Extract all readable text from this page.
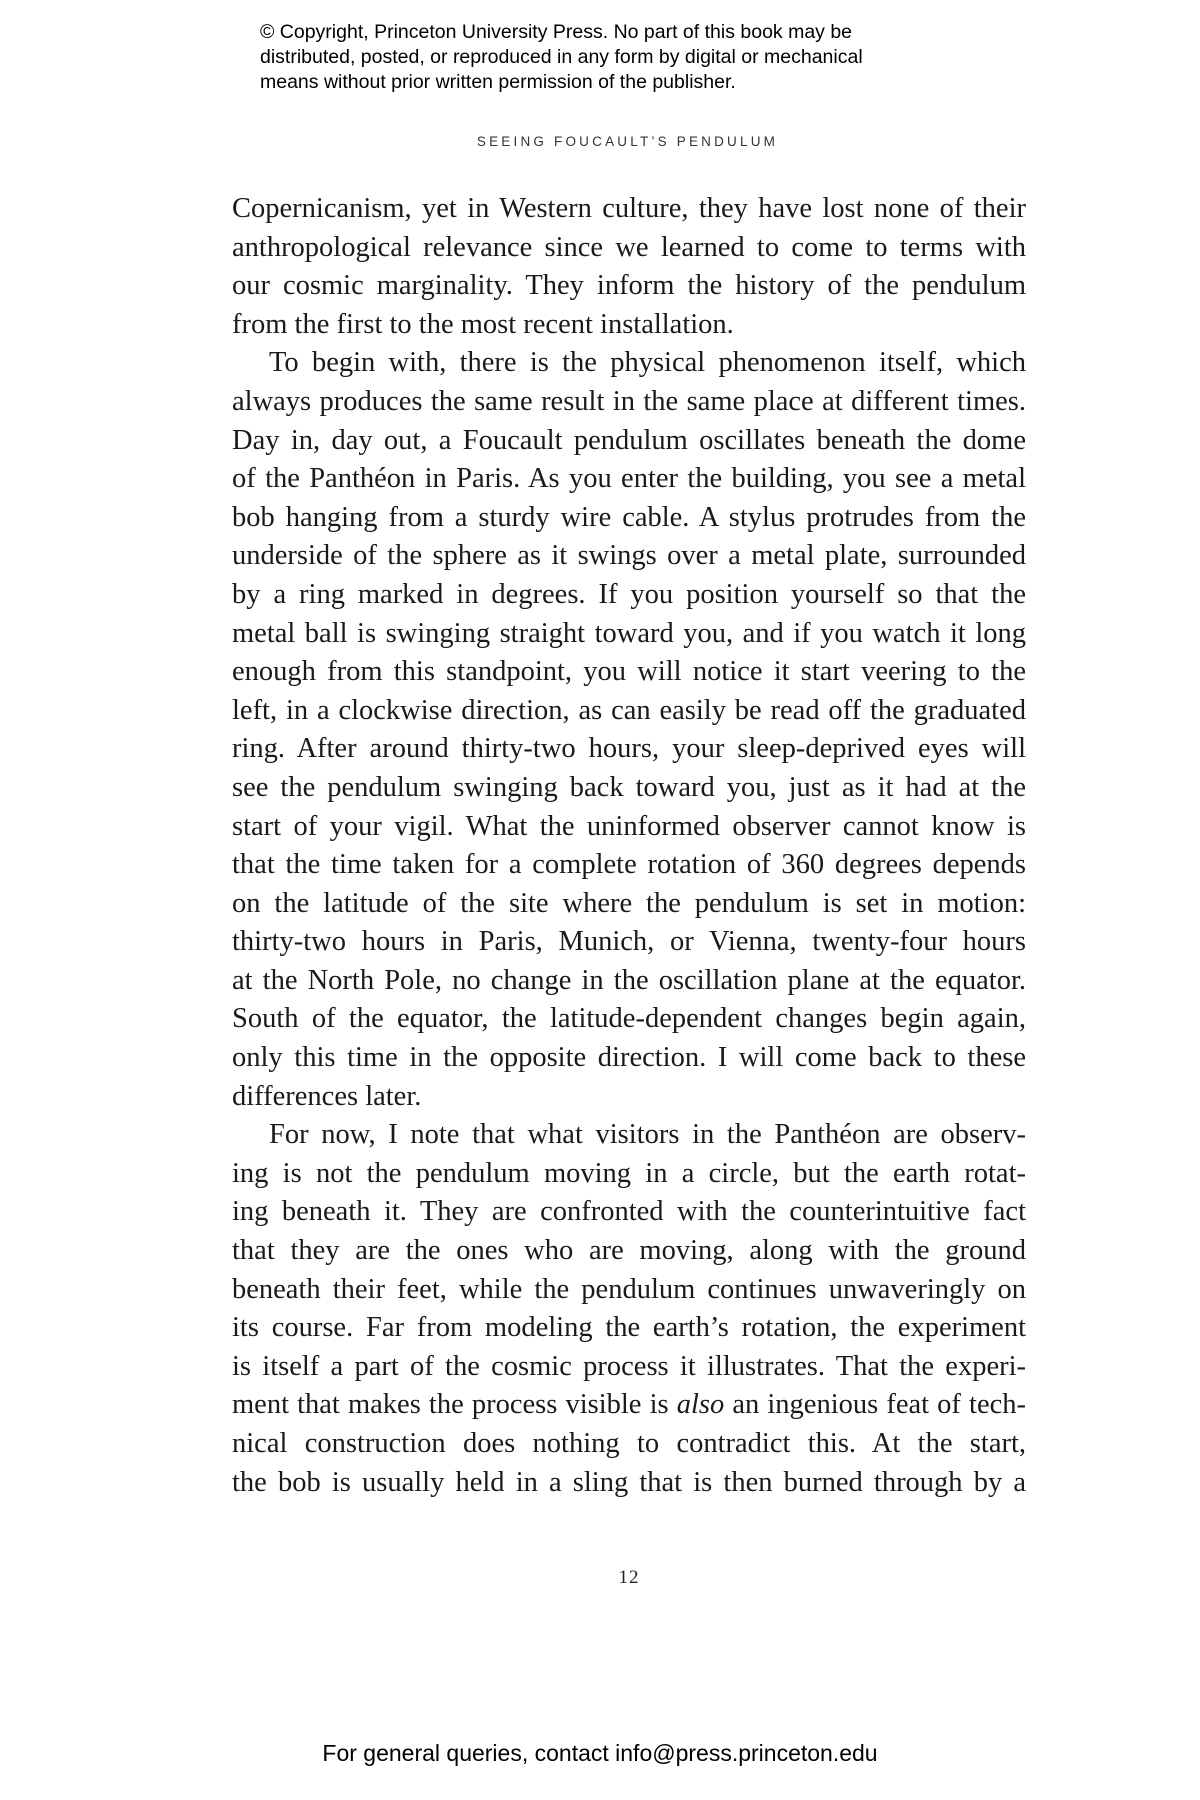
© Copyright, Princeton University Press. No part of this book may be
distributed, posted, or reproduced in any form by digital or mechanical
means without prior written permission of the publisher.
SEEING FOUCAULT’S PENDULUM
Copernicanism, yet in Western culture, they have lost none of their
anthropological relevance since we learned to come to terms with
our cosmic marginality. They inform the history of the pendulum
from the first to the most recent installation.
To begin with, there is the physical phenomenon itself, which
always produces the same result in the same place at different times.
Day in, day out, a Foucault pendulum oscillates beneath the dome
of the Panthéon in Paris. As you enter the building, you see a metal
bob hanging from a sturdy wire cable. A stylus protrudes from the
underside of the sphere as it swings over a metal plate, surrounded
by a ring marked in degrees. If you position yourself so that the
metal ball is swinging straight toward you, and if you watch it long
enough from this standpoint, you will notice it start veering to the
left, in a clockwise direction, as can easily be read off the graduated
ring. After around thirty-two hours, your sleep-deprived eyes will
see the pendulum swinging back toward you, just as it had at the
start of your vigil. What the uninformed observer cannot know is
that the time taken for a complete rotation of 360 degrees depends
on the latitude of the site where the pendulum is set in motion:
thirty-two hours in Paris, Munich, or Vienna, twenty-four hours
at the North Pole, no change in the oscillation plane at the equator.
South of the equator, the latitude-dependent changes begin again,
only this time in the opposite direction. I will come back to these
differences later.
For now, I note that what visitors in the Panthéon are observ-
ing is not the pendulum moving in a circle, but the earth rotat-
ing beneath it. They are confronted with the counterintuitive fact
that they are the ones who are moving, along with the ground
beneath their feet, while the pendulum continues unwaveringly on
its course. Far from modeling the earth’s rotation, the experiment
is itself a part of the cosmic process it illustrates. That the experi-
ment that makes the process visible is also an ingenious feat of tech-
nical construction does nothing to contradict this. At the start,
the bob is usually held in a sling that is then burned through by a
12
For general queries, contact info@press.princeton.edu
